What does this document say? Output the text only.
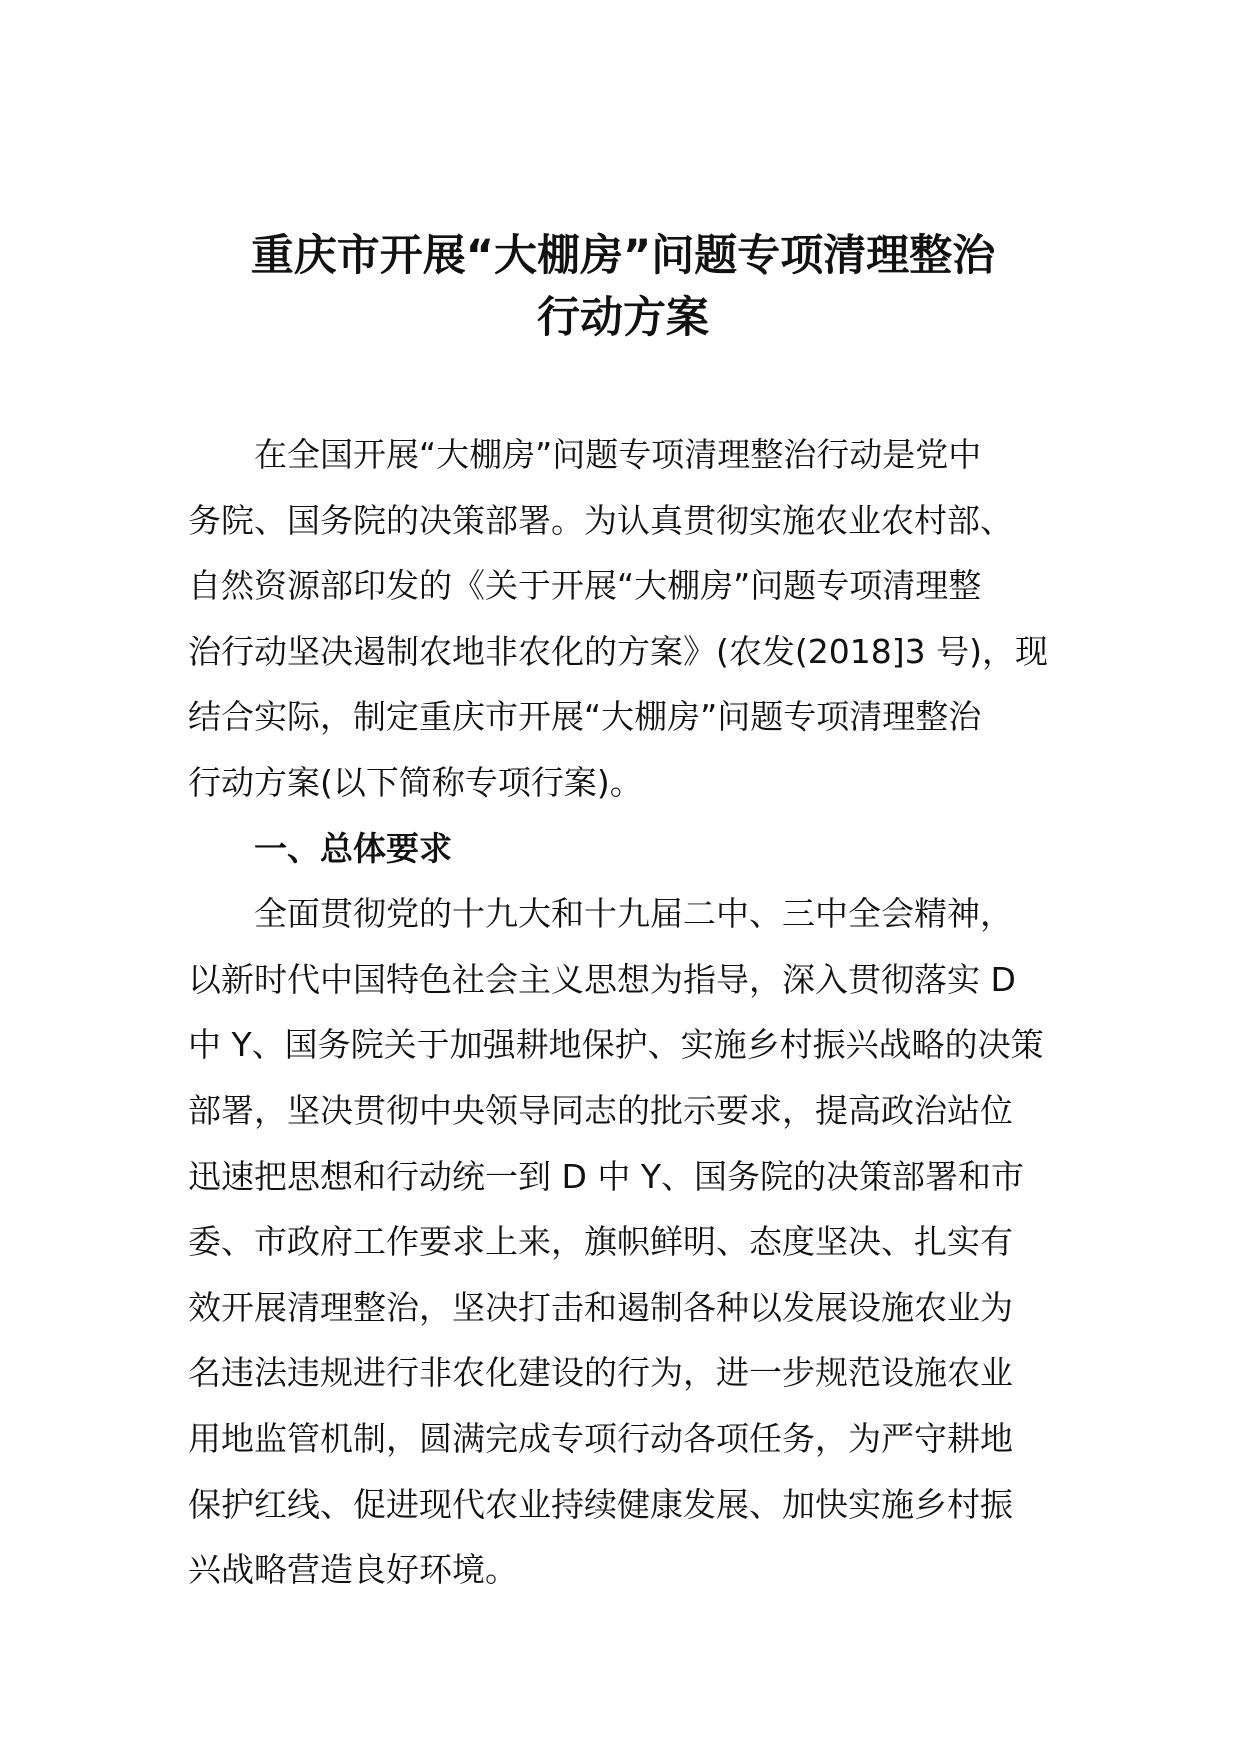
重庆市开展“大棚房”问题专项清理整治
行动方案

在全国开展“大棚房”问题专项清理整治行动是党中
务院、国务院的决策部署。为认真贯彻实施农业农村部、
自然资源部印发的《关于开展“大棚房”问题专项清理整
治行动坚决遏制农地非农化的方案》(农发(2018]3 号)，现
结合实际，制定重庆市开展“大棚房”问题专项清理整治
行动方案(以下简称专项行案)。

一、总体要求

全面贯彻党的十九大和十九届二中、三中全会精神，
以新时代中国特色社会主义思想为指导，深入贯彻落实 D
中 Y、国务院关于加强耕地保护、实施乡村振兴战略的决策
部署，坚决贯彻中央领导同志的批示要求，提高政治站位
迅速把思想和行动统一到 D 中 Y、国务院的决策部署和市
委、市政府工作要求上来，旗帜鲜明、态度坚决、扎实有
效开展清理整治，坚决打击和遏制各种以发展设施农业为
名违法违规进行非农化建设的行为，进一步规范设施农业
用地监管机制，圆满完成专项行动各项任务，为严守耕地
保护红线、促进现代农业持续健康发展、加快实施乡村振
兴战略营造良好环境。
